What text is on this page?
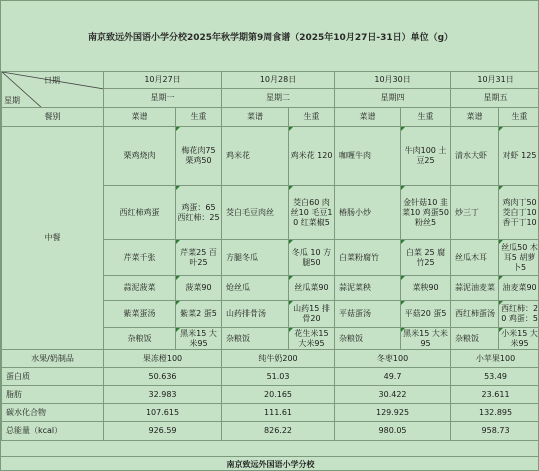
南京致远外国语小学分校2025年秋学期第9周食谱（2025年10月27日-31日）单位（g）
日期
星期	10月27日		10月28日		10月30日		10月31日	
	星期一		星期二		星期四		星期五	
餐别	菜谱	生重	菜谱	生重	菜谱	生重	菜谱	生重
中餐	栗鸡烧肉	梅花肉75 栗鸡50	鸡米花	鸡米花 120	咖喱牛肉	牛肉100 土豆25	清水大虾	对虾 125
	西红柿鸡蛋	鸡蛋：65 西红柿：25	茭白毛豆肉丝	茭白60 肉丝10 毛豆10 红菜椒5	椿肠小炒	金针菇10 韭菜10 鸡蛋50 粉丝5	炒三丁	鸡肉丁50 茭白丁10 香干丁10
	芹菜千张	芹菜25 百叶25	方腿冬瓜	冬瓜 10 方腿50	白菜粉腐竹	白菜 25 腐竹25	丝瓜木耳	丝瓜50 木耳5 胡萝卜5
	蒜泥菠菜	菠菜90	炝丝瓜	丝瓜菜90	蒜泥菜秧	菜秧90	蒜泥油麦菜	油麦菜90
	紫菜蛋汤	紫菜2 蛋5	山药排骨汤	山药15 排骨20	平菇蛋汤	平菇20 蛋5	西红柿蛋汤	西红柿：20 鸡蛋：5
	杂粮饭	黑米15 大米95	杂粮饭	花生米15 大米95	杂粮饭	黑米15 大米95	杂粮饭	小米15 大米95
水果/奶制品	果冻橙100		纯牛奶200		冬枣100		小苹果100	
蛋白质	50.636		51.03		49.7		53.49	
脂肪	32.983		20.165		30.422		23.611	
碳水化合物	107.615		111.61		129.925		132.895	
总能量（kcal）	926.59		826.22		980.05		958.73	
南京致远外国语小学分校
